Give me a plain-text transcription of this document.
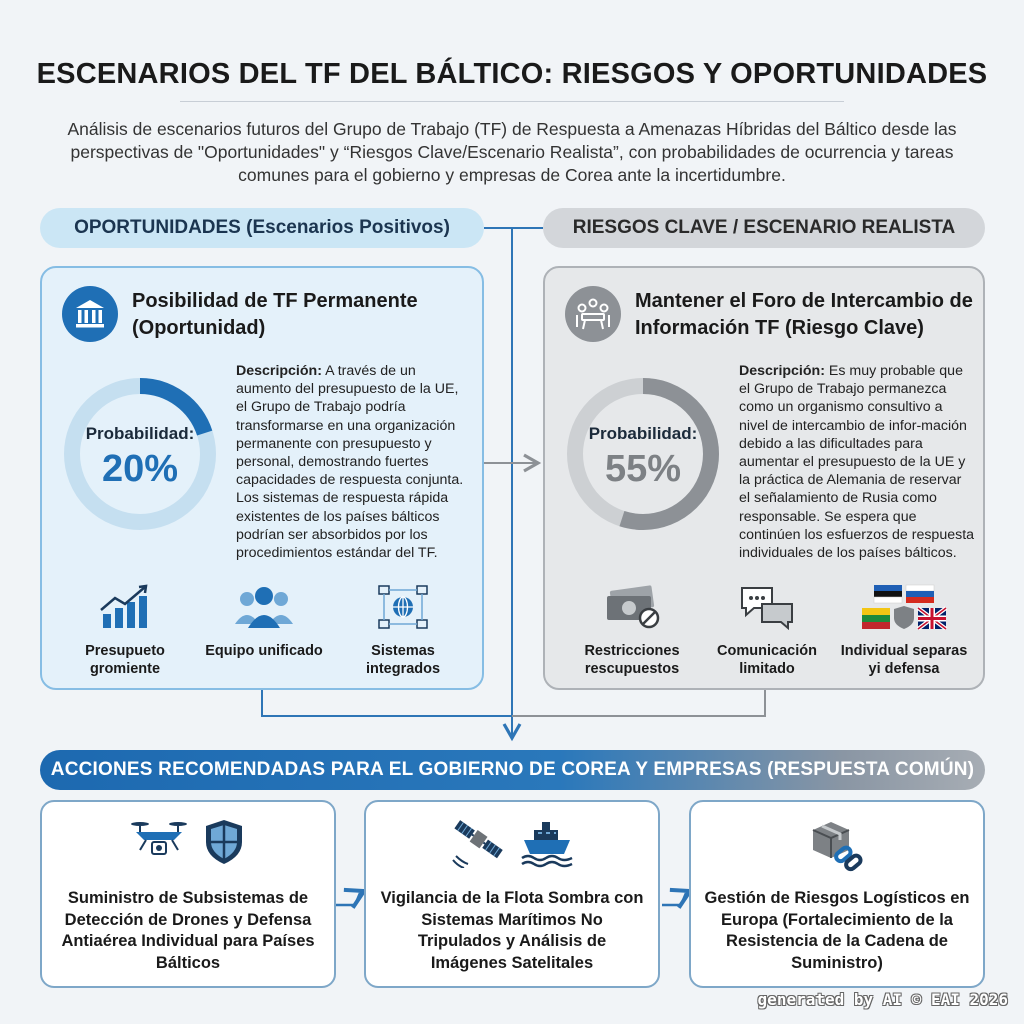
ESCENARIOS DEL TF DEL BÁLTICO: RIESGOS Y OPORTUNIDADES
Análisis de escenarios futuros del Grupo de Trabajo (TF) de Respuesta a Amenazas Híbridas del Báltico desde las perspectivas de "Oportunidades" y “Riesgos Clave/Escenario Realista”, con probabilidades de ocurrencia y tareas comunes para el gobierno y empresas de Corea ante la incertidumbre.
OPORTUNIDADES (Escenarios Positivos)
Posibilidad de TF Permanente (Oportunidad)
Probabilidad:
20%
Descripción: A través de un aumento del presupuesto de la UE, el Grupo de Trabajo podría transformarse en una organización permanente con presupuesto y personal, demostrando fuertes capacidades de respuesta conjunta. Los sistemas de respuesta rápida existentes de los países bálticos podrían ser absorbidos por los procedimientos estándar del TF.
Presupueto gromiente
Equipo unificado	Sistemas integrados
RIESGOS CLAVE / ESCENARIO REALISTA
Mantener el Foro de Intercambio de Información TF (Riesgo Clave)
Probabilidad:
55%
Descripción: Es muy probable que el Grupo de Trabajo permanezca como un organismo consultivo a nivel de intercambio de infor-mación debido a las dificultades para aumentar el presupuesto de la UE y la práctica de Alemania de reservar el señalamiento de Rusia como responsable. Se espera que continúen los esfuerzos de respuesta individuales de los países bálticos.
Restricciones rescupuestos
Comunicación limitado
Individual separas yi defensa
ACCIONES RECOMENDADAS PARA EL GOBIERNO DE COREA Y EMPRESAS (RESPUESTA COMÚN)
Suministro de Subsistemas de Detección de Drones y Defensa Antiaérea Individual para Países Bálticos
Vigilancia de la Flota Sombra con Sistemas Marítimos No Tripulados y Análisis de Imágenes Satelitales
Gestión de Riesgos Logísticos en Europa (Fortalecimiento de la Resistencia de la Cadena de Suministro)
generated by AI © EAI 2026
